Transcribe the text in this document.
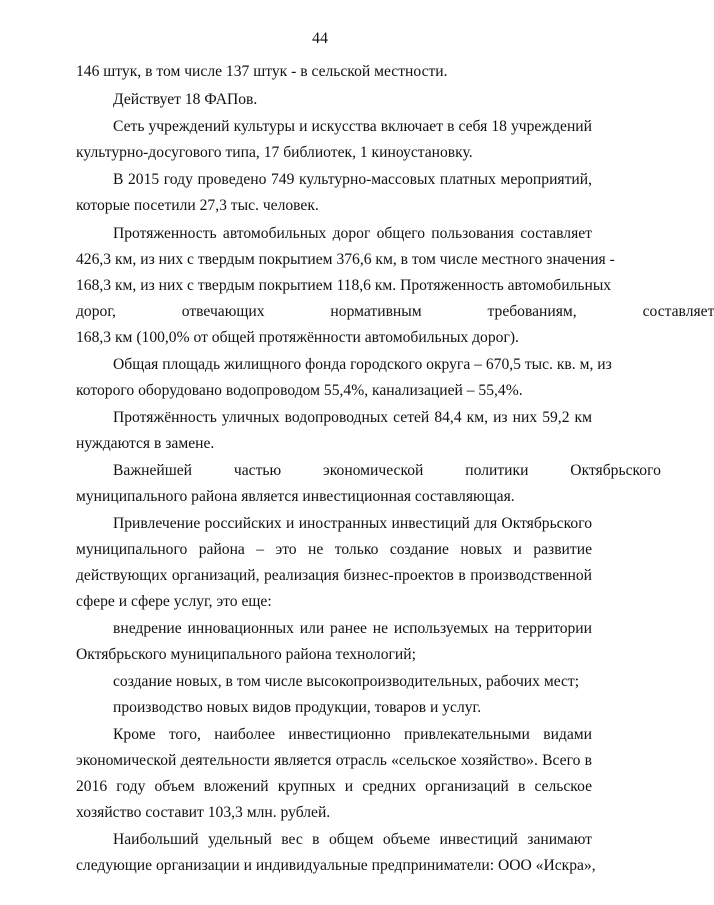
44
146 штук, в том числе 137 штук - в сельской местности.
Действует 18 ФАПов.
Сеть учреждений культуры и искусства включает в себя 18 учреждений
культурно-досугового типа, 17 библиотек, 1 киноустановку.
В 2015 году проведено 749 культурно-массовых платных мероприятий,
которые посетили 27,3 тыс. человек.
Протяженность автомобильных дорог общего пользования составляет
426,3 км, из них с твердым покрытием 376,6 км, в том числе местного значения -
168,3 км, из них с твердым покрытием 118,6 км. Протяженность автомобильных
дорог, отвечающих нормативным требованиям, составляет
168,3 км (100,0% от общей протяжённости автомобильных дорог).
Общая площадь жилищного фонда городского округа – 670,5 тыс. кв. м, из
которого оборудовано водопроводом 55,4%, канализацией – 55,4%.
Протяжённость уличных водопроводных сетей 84,4 км, из них 59,2 км
нуждаются в замене.
Важнейшей частью экономической политики Октябрьского
муниципального района является инвестиционная составляющая.
Привлечение российских и иностранных инвестиций для Октябрьского
муниципального района – это не только создание новых и развитие
действующих организаций, реализация бизнес-проектов в производственной
сфере и сфере услуг, это еще:
внедрение инновационных или ранее не используемых на территории
Октябрьского муниципального района технологий;
создание новых, в том числе высокопроизводительных, рабочих мест;
производство новых видов продукции, товаров и услуг.
Кроме того, наиболее инвестиционно привлекательными видами
экономической деятельности является отрасль «сельское хозяйство». Всего в
2016 году объем вложений крупных и средних организаций в сельское
хозяйство составит 103,3 млн. рублей.
Наибольший удельный вес в общем объеме инвестиций занимают
следующие организации и индивидуальные предприниматели: ООО «Искра»,
